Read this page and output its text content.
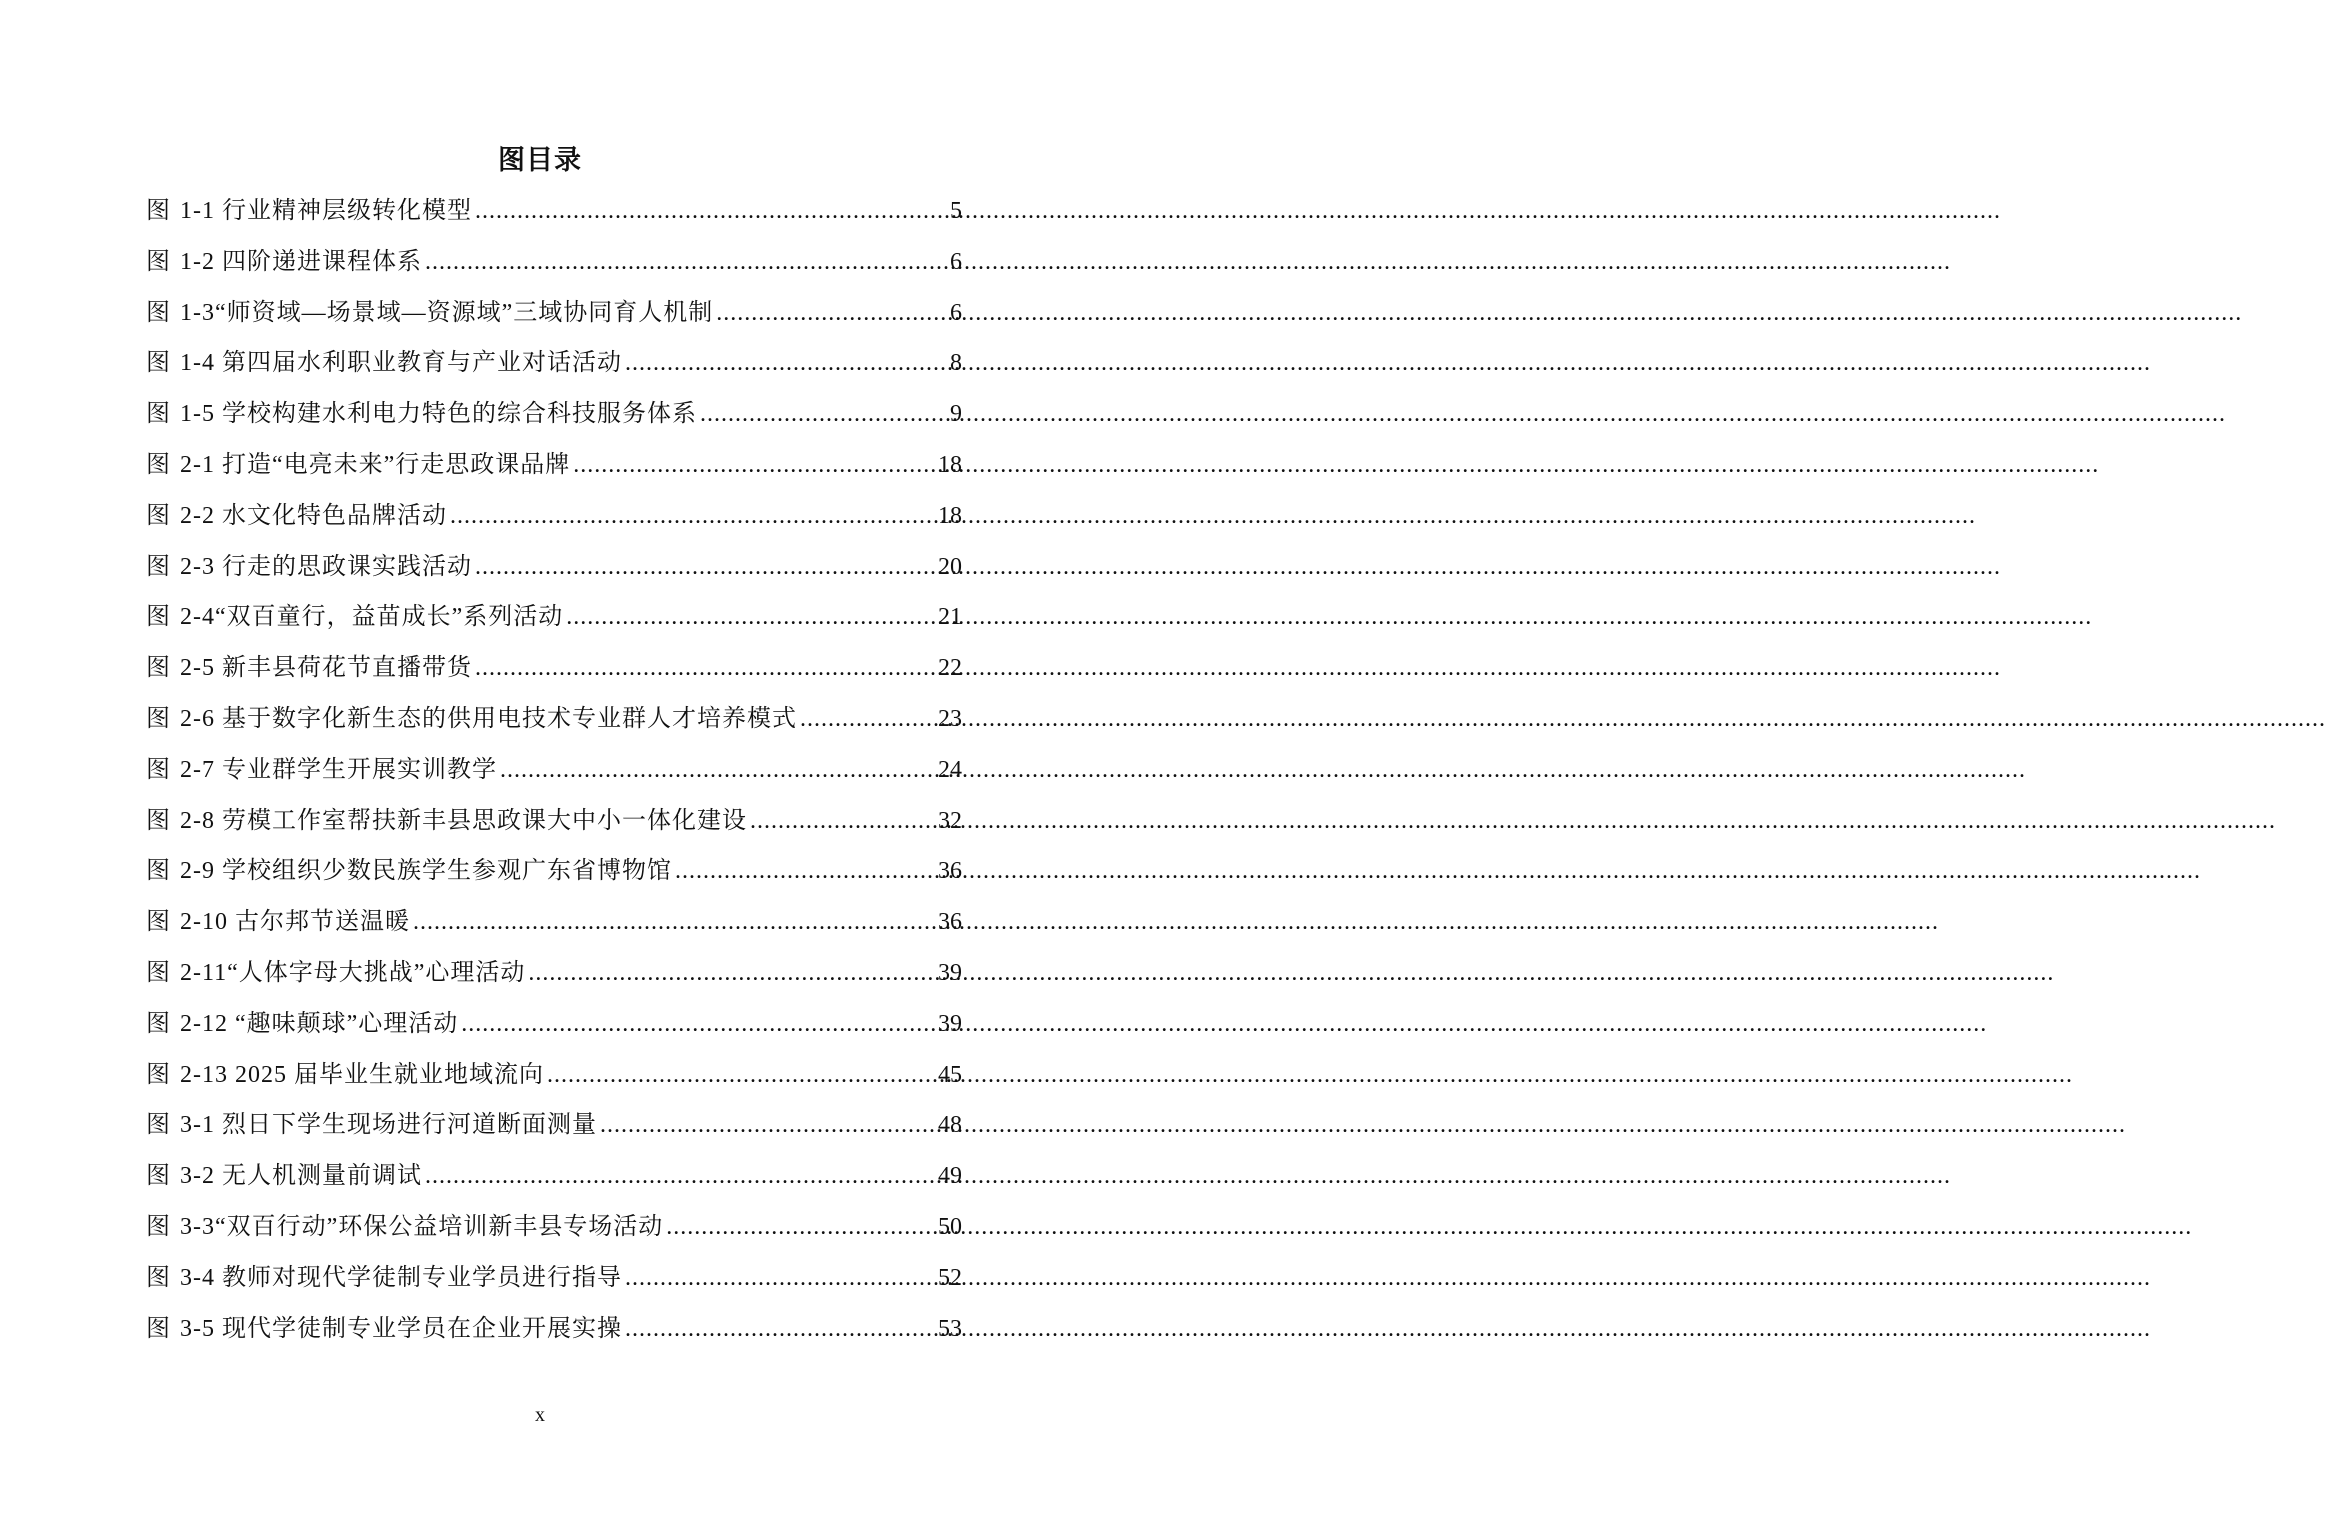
图目录
图 1-1 行业精神层级转化模型 .....	5
图 1-2 四阶递进课程体系 .....	6
图 1-3“师资域—场景域—资源域”三域协同育人机制 .....	6
图 1-4 第四届水利职业教育与产业对话活动 .....	8
图 1-5 学校构建水利电力特色的综合科技服务体系 .....	9
图 2-1 打造“电亮未来”行走思政课品牌 .....	18
图 2-2 水文化特色品牌活动 .....	18
图 2-3 行走的思政课实践活动 .....	20
图 2-4“双百童行，益苗成长”系列活动 .....	21
图 2-5 新丰县荷花节直播带货 .....	22
图 2-6 基于数字化新生态的供用电技术专业群人才培养模式 .....	23
图 2-7 专业群学生开展实训教学 .....	24
图 2-8 劳模工作室帮扶新丰县思政课大中小一体化建设 .....	32
图 2-9 学校组织少数民族学生参观广东省博物馆 .....	36
图 2-10 古尔邦节送温暖 .....	36
图 2-11“人体字母大挑战”心理活动 .....	39
图 2-12 “趣味颠球”心理活动 .....	39
图 2-13 2025 届毕业生就业地域流向 .....	45
图 3-1 烈日下学生现场进行河道断面测量 .....	48
图 3-2 无人机测量前调试 .....	49
图 3-3“双百行动”环保公益培训新丰县专场活动 .....	50
图 3-4 教师对现代学徒制专业学员进行指导 .....	52
图 3-5 现代学徒制专业学员在企业开展实操 .....	53
x
